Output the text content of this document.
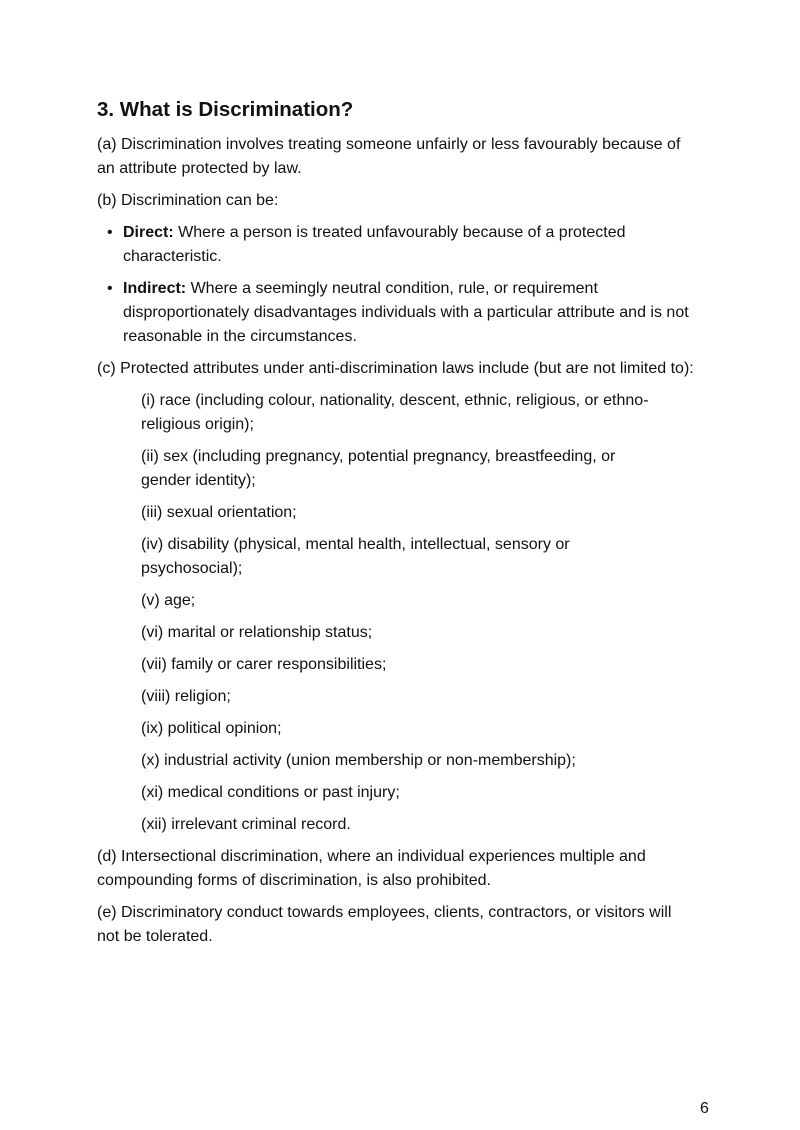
3. What is Discrimination?

(a) Discrimination involves treating someone unfairly or less favourably because of an attribute protected by law.

(b) Discrimination can be:

• Direct: Where a person is treated unfavourably because of a protected characteristic.
• Indirect: Where a seemingly neutral condition, rule, or requirement disproportionately disadvantages individuals with a particular attribute and is not reasonable in the circumstances.

(c) Protected attributes under anti-discrimination laws include (but are not limited to):

(i) race (including colour, nationality, descent, ethnic, religious, or ethno-religious origin);
(ii) sex (including pregnancy, potential pregnancy, breastfeeding, or gender identity);
(iii) sexual orientation;
(iv) disability (physical, mental health, intellectual, sensory or psychosocial);
(v) age;
(vi) marital or relationship status;
(vii) family or carer responsibilities;
(viii) religion;
(ix) political opinion;
(x) industrial activity (union membership or non-membership);
(xi) medical conditions or past injury;
(xii) irrelevant criminal record.

(d) Intersectional discrimination, where an individual experiences multiple and compounding forms of discrimination, is also prohibited.

(e) Discriminatory conduct towards employees, clients, contractors, or visitors will not be tolerated.

6
